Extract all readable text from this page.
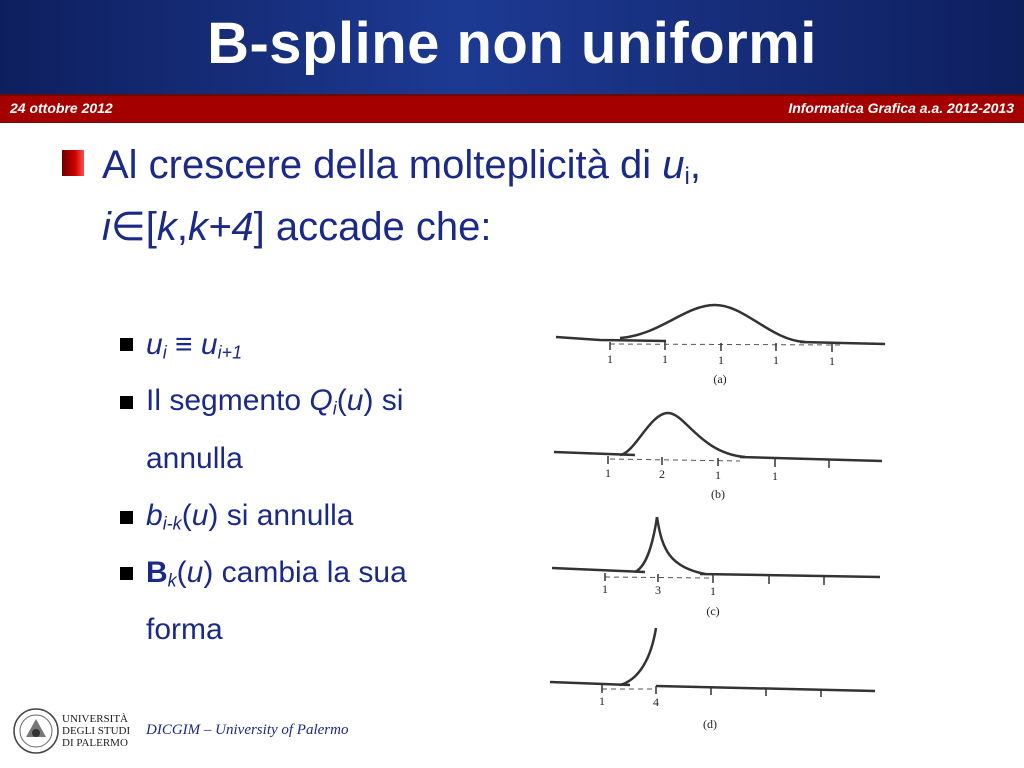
B-spline non uniformi
24 ottobre 2012	Informatica Grafica a.a. 2012-2013
Al crescere della molteplicità di $u_i$,
i∈[k,k+4] accade che:
$u_i \equiv u_{i+1}$
Il segmento $Q_i(u)$ si
annulla
$b_{i-k}(u)$ si annulla
$B_k(u)$ cambia la sua
forma
1	1	1	1	1
(a)
1	2	1	1
(b)
1	3	1
(c)
1	4
(d)
UNIVERSITÀ
DEGLI STUDI
DI PALERMO
DICGIM – University of Palermo
